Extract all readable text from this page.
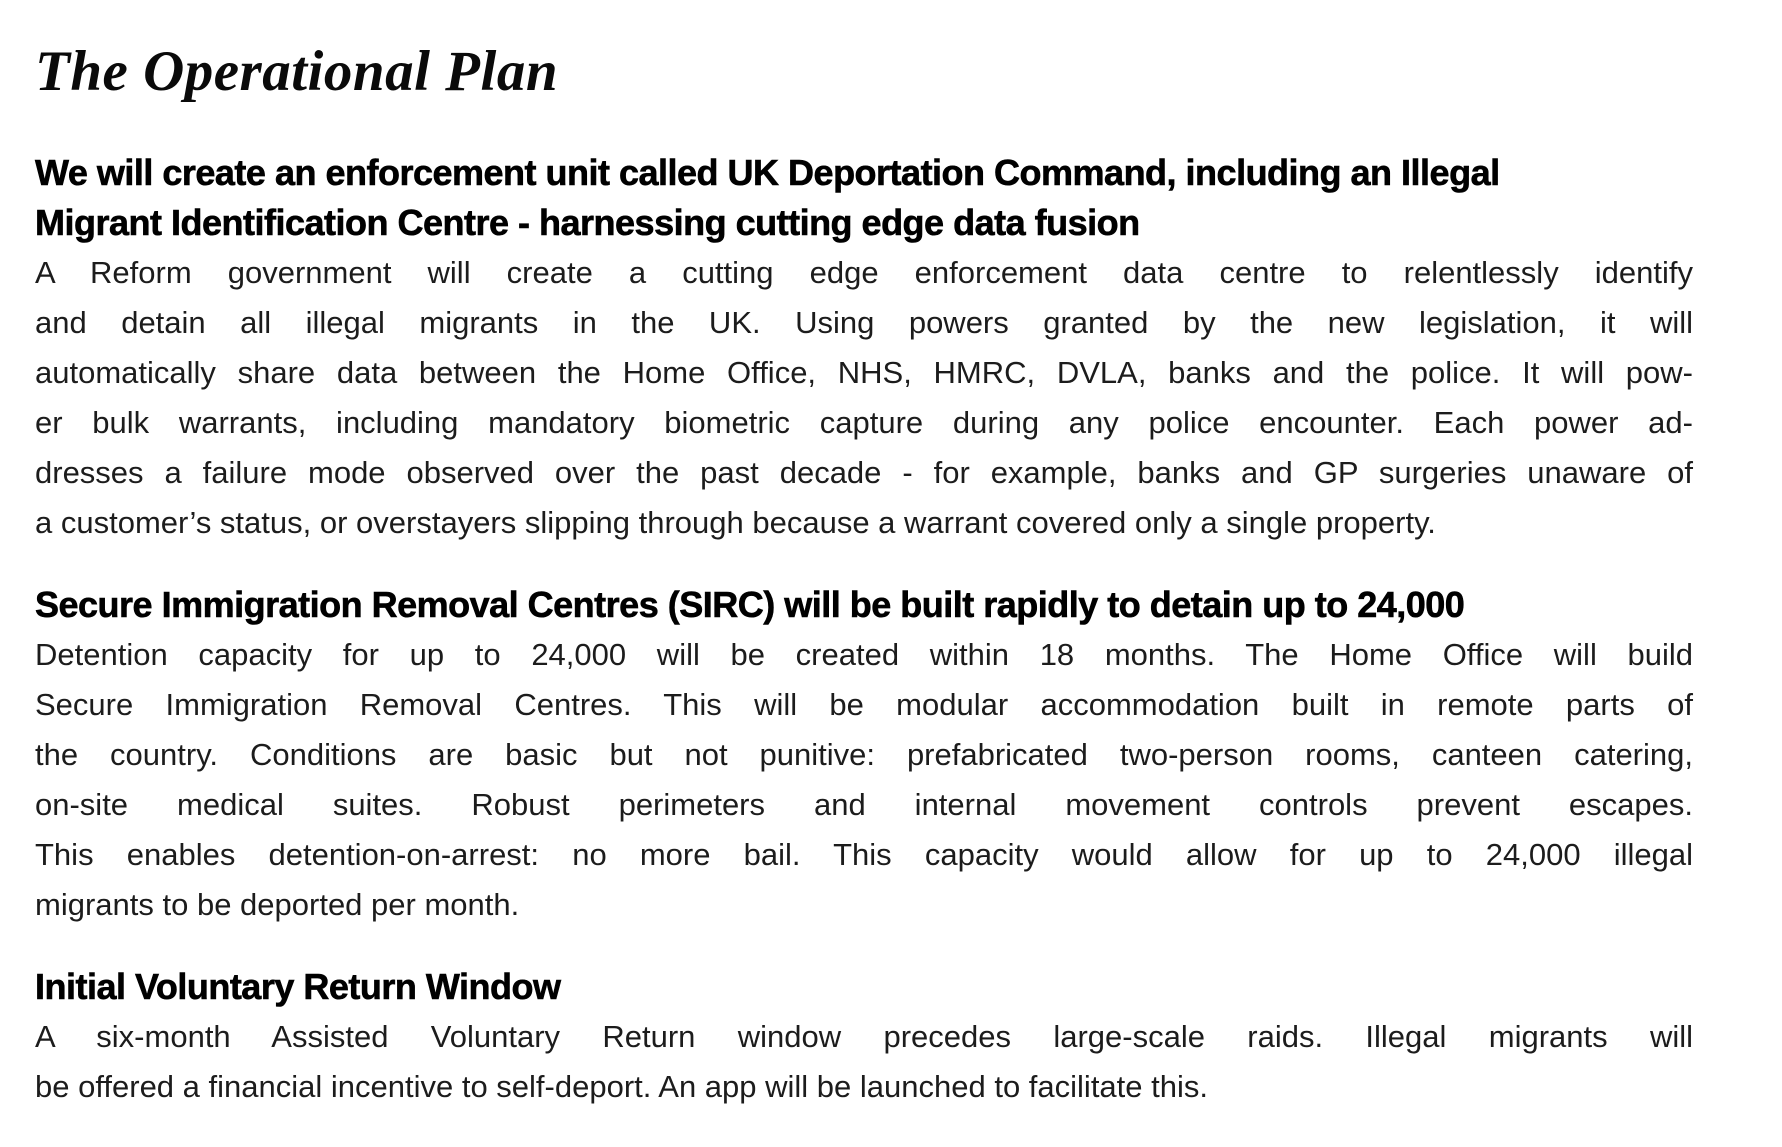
The Operational Plan
We will create an enforcement unit called UK Deportation Command, including an Illegal
Migrant Identification Centre - harnessing cutting edge data fusion
A Reform government will create a cutting edge enforcement data centre to relentlessly identify
and detain all illegal migrants in the UK. Using powers granted by the new legislation, it will
automatically share data between the Home Office, NHS, HMRC, DVLA, banks and the police. It will pow-
er bulk warrants, including mandatory biometric capture during any police encounter. Each power ad-
dresses a failure mode observed over the past decade - for example, banks and GP surgeries unaware of
a customer’s status, or overstayers slipping through because a warrant covered only a single property.
Secure Immigration Removal Centres (SIRC) will be built rapidly to detain up to 24,000
Detention capacity for up to 24,000 will be created within 18 months. The Home Office will build
Secure Immigration Removal Centres. This will be modular accommodation built in remote parts of
the country. Conditions are basic but not punitive: prefabricated two-person rooms, canteen catering,
on-site medical suites. Robust perimeters and internal movement controls prevent escapes.
This enables detention-on-arrest: no more bail. This capacity would allow for up to 24,000 illegal
migrants to be deported per month.
Initial Voluntary Return Window
A six-month Assisted Voluntary Return window precedes large-scale raids. Illegal migrants will
be offered a financial incentive to self-deport. An app will be launched to facilitate this.
